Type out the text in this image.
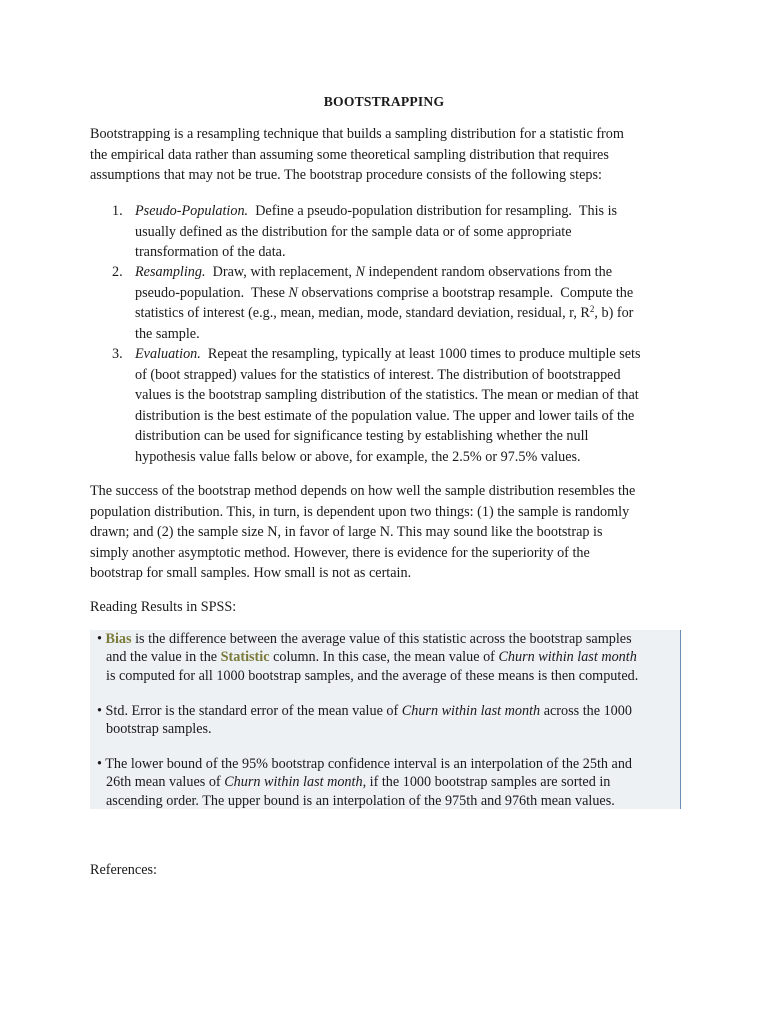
BOOTSTRAPPING
Bootstrapping is a resampling technique that builds a sampling distribution for a statistic from
the empirical data rather than assuming some theoretical sampling distribution that requires
assumptions that may not be true. The bootstrap procedure consists of the following steps:
1. Pseudo-Population.  Define a pseudo-population distribution for resampling.  This is
usually defined as the distribution for the sample data or of some appropriate
transformation of the data.
2. Resampling.  Draw, with replacement, N independent random observations from the
pseudo-population.  These N observations comprise a bootstrap resample.  Compute the
statistics of interest (e.g., mean, median, mode, standard deviation, residual, r, $R^2$, b) for
the sample.
3. Evaluation.  Repeat the resampling, typically at least 1000 times to produce multiple sets
of (boot strapped) values for the statistics of interest. The distribution of bootstrapped
values is the bootstrap sampling distribution of the statistics. The mean or median of that
distribution is the best estimate of the population value. The upper and lower tails of the
distribution can be used for significance testing by establishing whether the null
hypothesis value falls below or above, for example, the 2.5% or 97.5% values.
The success of the bootstrap method depends on how well the sample distribution resembles the
population distribution. This, in turn, is dependent upon two things: (1) the sample is randomly
drawn; and (2) the sample size N, in favor of large N. This may sound like the bootstrap is
simply another asymptotic method. However, there is evidence for the superiority of the
bootstrap for small samples. How small is not as certain.
Reading Results in SPSS:
• Bias is the difference between the average value of this statistic across the bootstrap samples
and the value in the Statistic column. In this case, the mean value of Churn within last month
is computed for all 1000 bootstrap samples, and the average of these means is then computed.
• Std. Error is the standard error of the mean value of Churn within last month across the 1000
bootstrap samples.
• The lower bound of the 95% bootstrap confidence interval is an interpolation of the 25th and
26th mean values of Churn within last month, if the 1000 bootstrap samples are sorted in
ascending order. The upper bound is an interpolation of the 975th and 976th mean values.
References:
